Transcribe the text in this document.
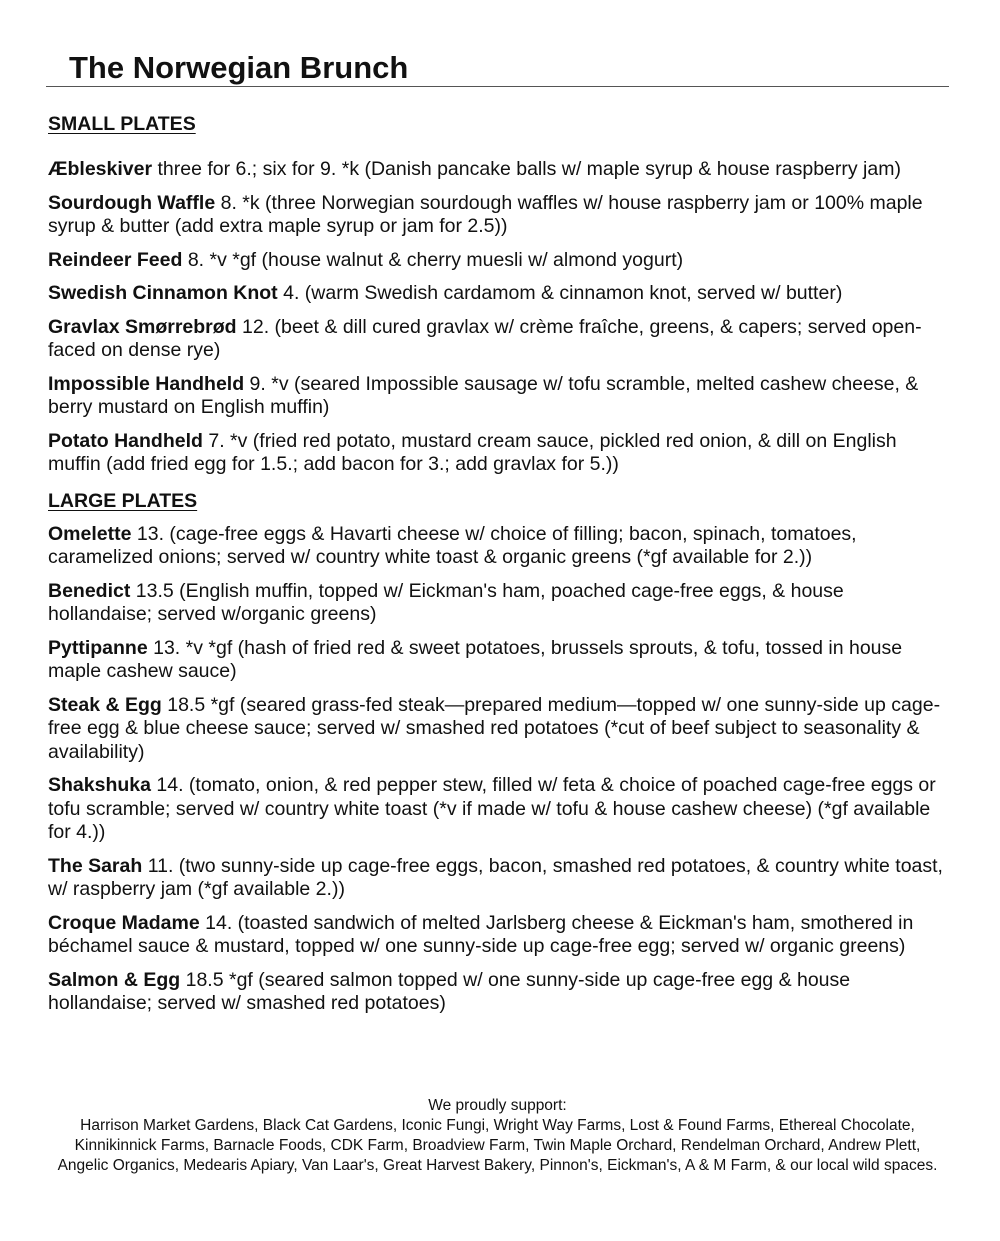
The Norwegian Brunch
SMALL PLATES

Æbleskiver three for 6.; six for 9. *k (Danish pancake balls w/ maple syrup & house raspberry jam)

Sourdough Waffle 8. *k (three Norwegian sourdough waffles w/ house raspberry jam or 100% maple syrup & butter (add extra maple syrup or jam for 2.5))

Reindeer Feed 8. *v *gf (house walnut & cherry muesli w/ almond yogurt)

Swedish Cinnamon Knot 4. (warm Swedish cardamom & cinnamon knot, served w/ butter)

Gravlax Smørrebrød 12. (beet & dill cured gravlax w/ crème fraîche, greens, & capers; served open-faced on dense rye)

Impossible Handheld 9. *v (seared Impossible sausage w/ tofu scramble, melted cashew cheese, & berry mustard on English muffin)

Potato Handheld 7. *v (fried red potato, mustard cream sauce, pickled red onion, & dill on English muffin (add fried egg for 1.5.; add bacon for 3.; add gravlax for 5.))

LARGE PLATES

Omelette 13. (cage-free eggs & Havarti cheese w/ choice of filling; bacon, spinach, tomatoes, caramelized onions; served w/ country white toast & organic greens (*gf available for 2.))

Benedict 13.5 (English muffin, topped w/ Eickman's ham, poached cage-free eggs, & house hollandaise; served w/organic greens)

Pyttipanne 13. *v *gf (hash of fried red & sweet potatoes, brussels sprouts, & tofu, tossed in house maple cashew sauce)

Steak & Egg 18.5 *gf (seared grass-fed steak—prepared medium—topped w/ one sunny-side up cage-free egg & blue cheese sauce; served w/ smashed red potatoes (*cut of beef subject to seasonality & availability)

Shakshuka 14. (tomato, onion, & red pepper stew, filled w/ feta & choice of poached cage-free eggs or tofu scramble; served w/ country white toast (*v if made w/ tofu & house cashew cheese) (*gf available for 4.))

The Sarah 11. (two sunny-side up cage-free eggs, bacon, smashed red potatoes, & country white toast, w/ raspberry jam (*gf available 2.))

Croque Madame 14. (toasted sandwich of melted Jarlsberg cheese & Eickman's ham, smothered in béchamel sauce & mustard, topped w/ one sunny-side up cage-free egg; served w/ organic greens)

Salmon & Egg 18.5 *gf (seared salmon topped w/ one sunny-side up cage-free egg & house hollandaise; served w/ smashed red potatoes)

We proudly support:

Harrison Market Gardens, Black Cat Gardens, Iconic Fungi, Wright Way Farms, Lost & Found Farms, Ethereal Chocolate, Kinnikinnick Farms, Barnacle Foods, CDK Farm, Broadview Farm, Twin Maple Orchard, Rendelman Orchard, Andrew Plett, Angelic Organics, Medearis Apiary, Van Laar's, Great Harvest Bakery, Pinnon's, Eickman's, A & M Farm, & our local wild spaces.
